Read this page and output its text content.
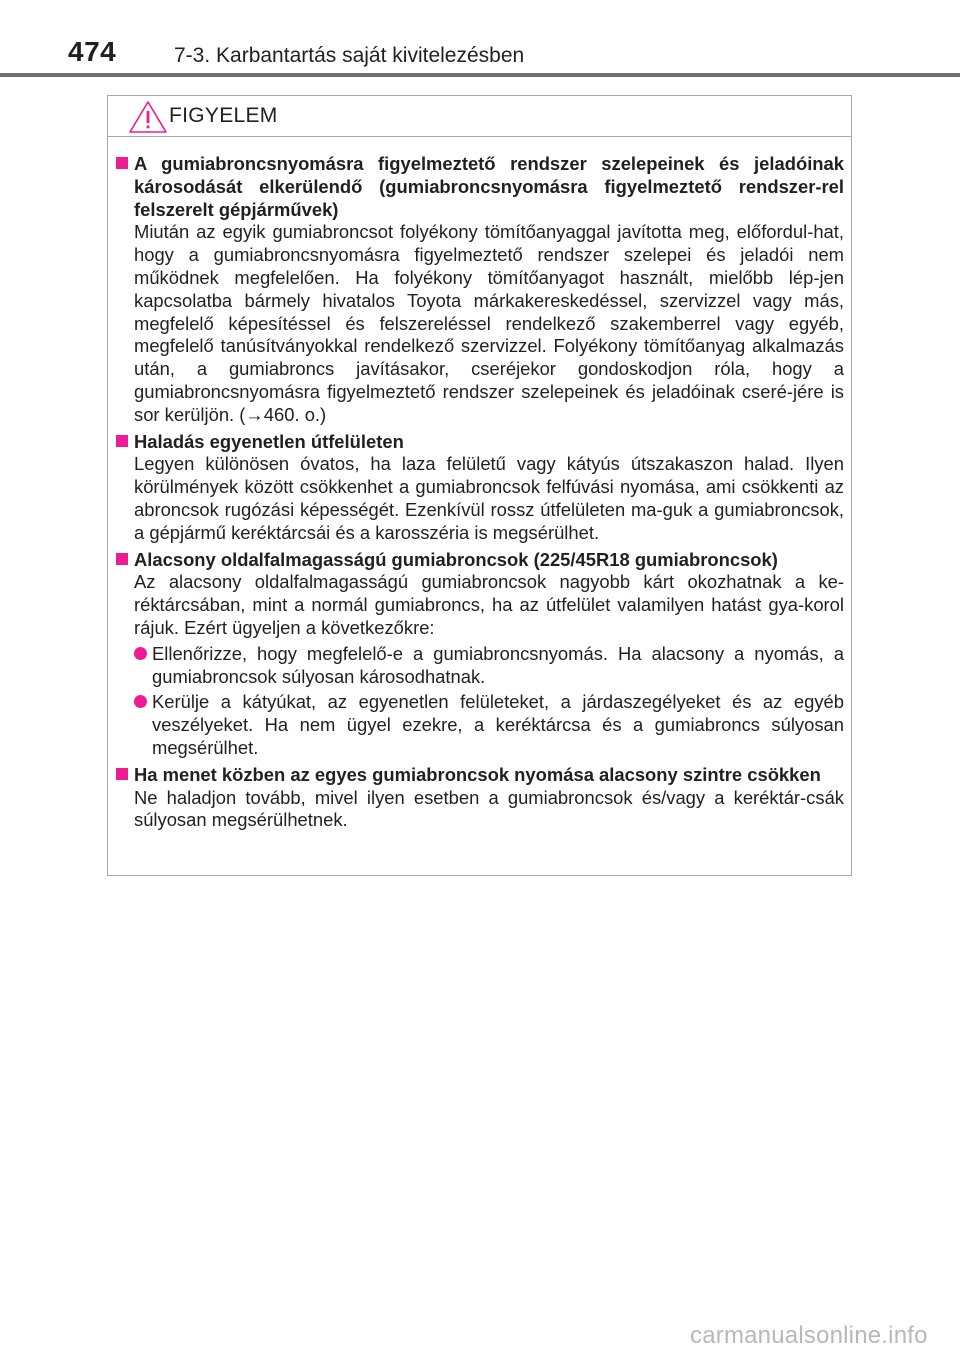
474	7-3. Karbantartás saját kivitelezésben
FIGYELEM
A gumiabroncsnyomásra figyelmeztető rendszer szelepeinek és jeladóinak károsodását elkerülendő (gumiabroncsnyomásra figyelmeztető rendszer-rel felszerelt gépjárművek)
Miután az egyik gumiabroncsot folyékony tömítőanyaggal javította meg, előfordul-hat, hogy a gumiabroncsnyomásra figyelmeztető rendszer szelepei és jeladói nem működnek megfelelően. Ha folyékony tömítőanyagot használt, mielőbb lép-jen kapcsolatba bármely hivatalos Toyota márkakereskedéssel, szervizzel vagy más, megfelelő képesítéssel és felszereléssel rendelkező szakemberrel vagy egyéb, megfelelő tanúsítványokkal rendelkező szervizzel. Folyékony tömítőanyag alkalmazás után, a gumiabroncs javításakor, cseréjekor gondoskodjon róla, hogy a gumiabroncsnyomásra figyelmeztető rendszer szelepeinek és jeladóinak cseré-jére is sor kerüljön. (→460. o.)
Haladás egyenetlen útfelületen
Legyen különösen óvatos, ha laza felületű vagy kátyús útszakaszon halad. Ilyen körülmények között csökkenhet a gumiabroncsok felfúvási nyomása, ami csökkenti az abroncsok rugózási képességét. Ezenkívül rossz útfelületen ma-guk a gumiabroncsok, a gépjármű keréktárcsái és a karosszéria is megsérülhet.
Alacsony oldalfalmagasságú gumiabroncsok (225/45R18 gumiabroncsok)
Az alacsony oldalfalmagasságú gumiabroncsok nagyobb kárt okozhatnak a ke-réktárcsában, mint a normál gumiabroncs, ha az útfelület valamilyen hatást gya-korol rájuk. Ezért ügyeljen a következőkre:
Ellenőrizze, hogy megfelelő-e a gumiabroncsnyomás. Ha alacsony a nyomás, a gumiabroncsok súlyosan károsodhatnak.
Kerülje a kátyúkat, az egyenetlen felületeket, a járdaszegélyeket és az egyéb veszélyeket. Ha nem ügyel ezekre, a keréktárcsa és a gumiabroncs súlyosan megsérülhet.
Ha menet közben az egyes gumiabroncsok nyomása alacsony szintre csökken
Ne haladjon tovább, mivel ilyen esetben a gumiabroncsok és/vagy a keréktár-csák súlyosan megsérülhetnek.
carmanualsonline.info
